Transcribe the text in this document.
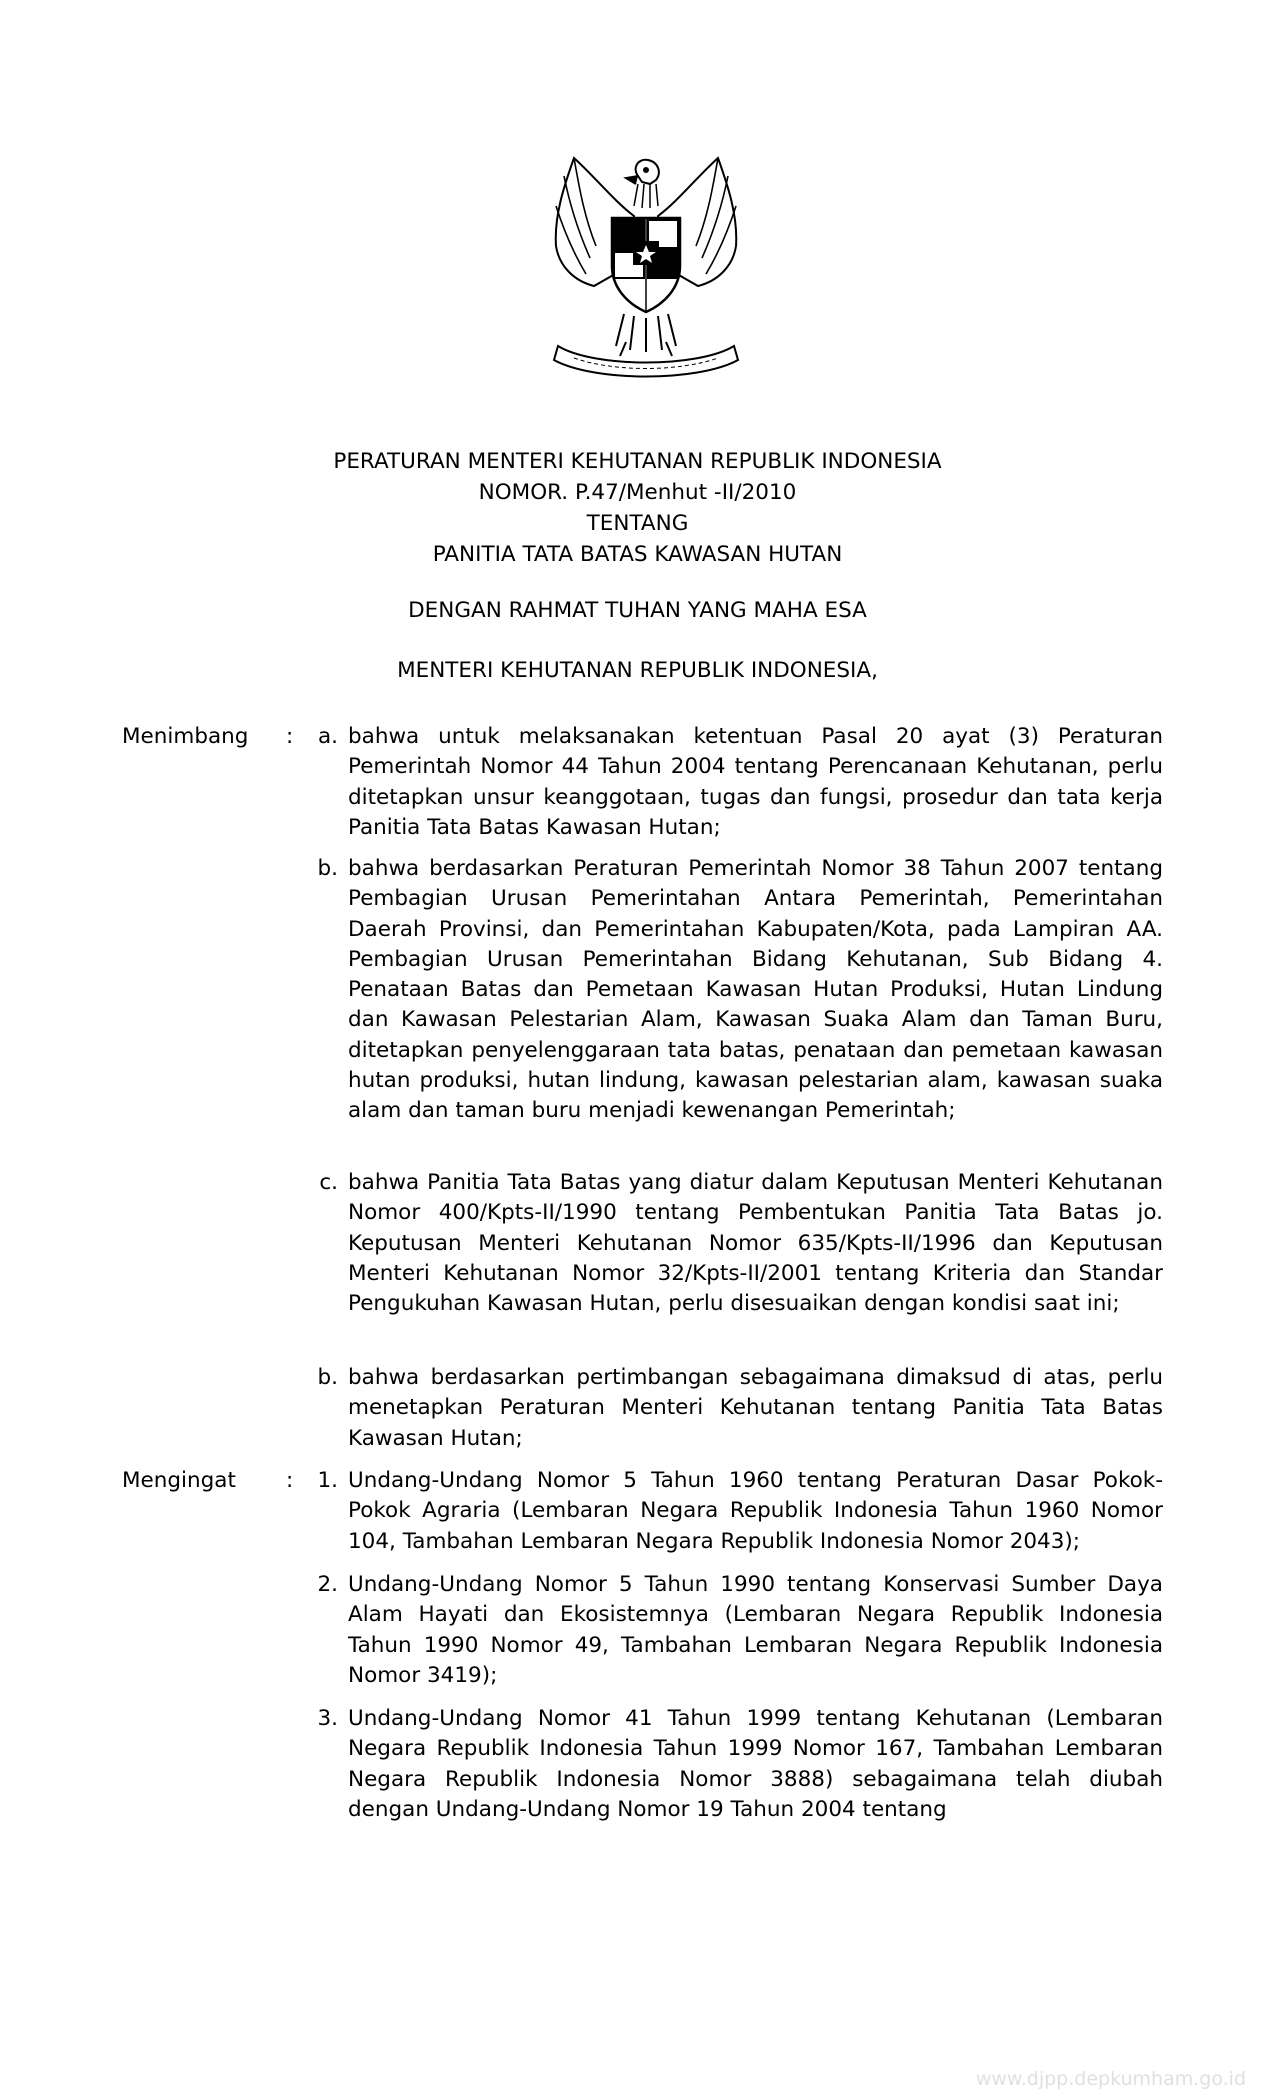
PERATURAN MENTERI KEHUTANAN REPUBLIK INDONESIA
NOMOR. P.47/Menhut -II/2010
TENTANG
PANITIA TATA BATAS KAWASAN HUTAN
DENGAN RAHMAT TUHAN YANG MAHA ESA
MENTERI KEHUTANAN REPUBLIK INDONESIA,
Menimbang :	a. bahwa untuk melaksanakan ketentuan Pasal 20 ayat (3) Peraturan Pemerintah Nomor 44 Tahun 2004 tentang Perencanaan Kehutanan, perlu ditetapkan unsur keanggotaan, tugas dan fungsi, prosedur dan tata kerja Panitia Tata Batas Kawasan Hutan;
b. bahwa berdasarkan Peraturan Pemerintah Nomor 38 Tahun 2007 tentang Pembagian Urusan Pemerintahan Antara Pemerintah, Pemerintahan Daerah Provinsi, dan Pemerintahan Kabupaten/Kota, pada Lampiran AA. Pembagian Urusan Pemerintahan Bidang Kehutanan, Sub Bidang 4. Penataan Batas dan Pemetaan Kawasan Hutan Produksi, Hutan Lindung dan Kawasan Pelestarian Alam, Kawasan Suaka Alam dan Taman Buru, ditetapkan penyelenggaraan tata batas, penataan dan pemetaan kawasan hutan produksi, hutan lindung, kawasan pelestarian alam, kawasan suaka alam dan taman buru menjadi kewenangan Pemerintah;
c. bahwa Panitia Tata Batas yang diatur dalam Keputusan Menteri Kehutanan Nomor 400/Kpts-II/1990 tentang Pembentukan Panitia Tata Batas jo. Keputusan Menteri Kehutanan Nomor 635/Kpts-II/1996 dan Keputusan Menteri Kehutanan Nomor 32/Kpts-II/2001 tentang Kriteria dan Standar Pengukuhan Kawasan Hutan, perlu disesuaikan dengan kondisi saat ini;
b. bahwa berdasarkan pertimbangan sebagaimana dimaksud di atas, perlu menetapkan Peraturan Menteri Kehutanan tentang Panitia Tata Batas Kawasan Hutan;
Mengingat :	1. Undang-Undang Nomor 5 Tahun 1960 tentang Peraturan Dasar Pokok-Pokok Agraria (Lembaran Negara Republik Indonesia Tahun 1960 Nomor 104, Tambahan Lembaran Negara Republik Indonesia Nomor 2043);
2. Undang-Undang Nomor 5 Tahun 1990 tentang Konservasi Sumber Daya Alam Hayati dan Ekosistemnya (Lembaran Negara Republik Indonesia Tahun 1990 Nomor 49, Tambahan Lembaran Negara Republik Indonesia Nomor 3419);
3. Undang-Undang Nomor 41 Tahun 1999 tentang Kehutanan (Lembaran Negara Republik Indonesia Tahun 1999 Nomor 167, Tambahan Lembaran Negara Republik Indonesia Nomor 3888) sebagaimana telah diubah dengan Undang-Undang Nomor 19 Tahun 2004 tentang
www.djpp.depkumham.go.id
